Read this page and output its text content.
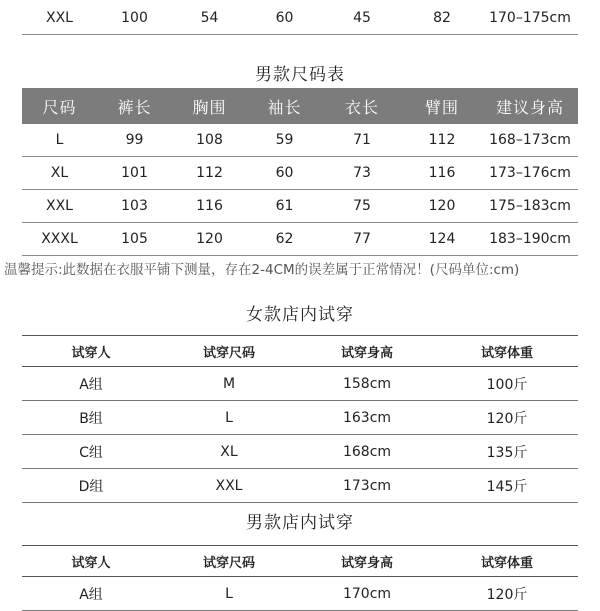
XXL	100	54	60	45	82	170–175cm
男款尺码表
尺码	裤长	胸围	袖长	衣长	臂围	建议身高
L	99	108	59	71	112	168–173cm
XL	101	112	60	73	116	173–176cm
XXL	103	116	61	75	120	175–183cm
XXXL	105	120	62	77	124	183–190cm
温馨提示:此数据在衣服平铺下测量，存在2-4CM的误差属于正常情况！(尺码单位:cm)
女款店内试穿
试穿人	试穿尺码	试穿身高	试穿体重
A组	M	158cm	100斤
B组	L	163cm	120斤
C组	XL	168cm	135斤
D组	XXL	173cm	145斤
男款店内试穿
试穿人	试穿尺码	试穿身高	试穿体重
A组	L	170cm	120斤
